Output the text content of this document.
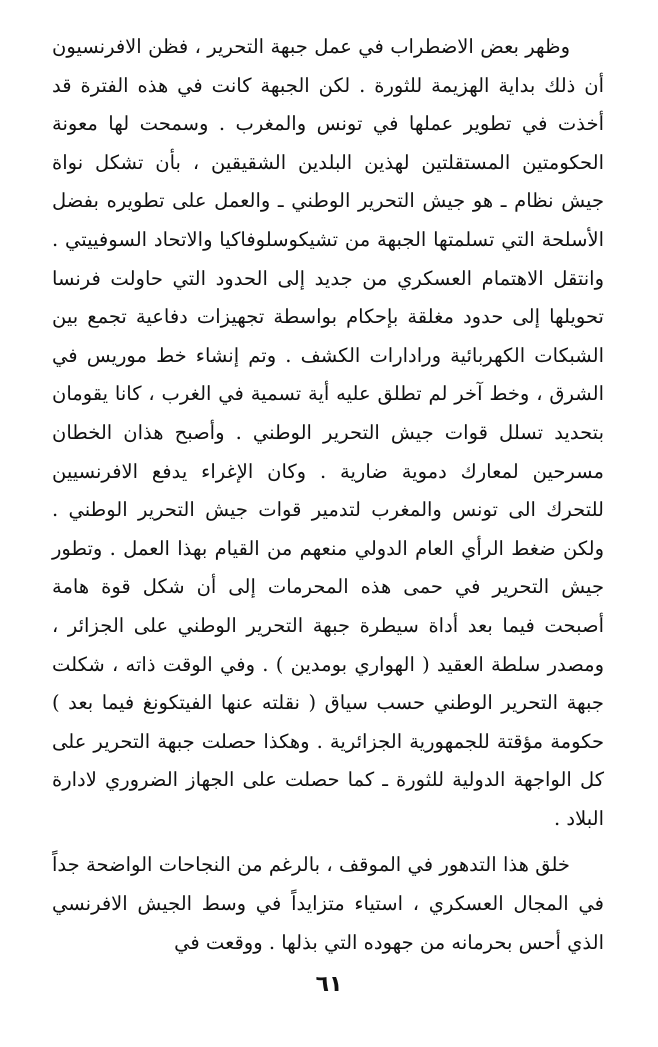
وظهر بعض الاضطراب في عمل جبهة التحرير ، فظن الافرنسيون أن ذلك بداية الهزيمة للثورة . لكن الجبهة كانت في هذه الفترة قد أخذت في تطوير عملها في تونس والمغرب . وسمحت لها معونة الحكومتين المستقلتين لهذين البلدين الشقيقين ، بأن تشكل نواة جيش نظام ـ هو جيش التحرير الوطني ـ والعمل على تطويره بفضل الأسلحة التي تسلمتها الجبهة من تشيكوسلوفاكيا والاتحاد السوفييتي . وانتقل الاهتمام العسكري من جديد إلى الحدود التي حاولت فرنسا تحويلها إلى حدود مغلقة بإحكام بواسطة تجهيزات دفاعية تجمع بين الشبكات الكهربائية ورادارات الكشف . وتم إنشاء خط موريس في الشرق ، وخط آخر لم تطلق عليه أية تسمية في الغرب ، كانا يقومان بتحديد تسلل قوات جيش التحرير الوطني . وأصبح هذان الخطان مسرحين لمعارك دموية ضارية . وكان الإغراء يدفع الافرنسيين للتحرك الى تونس والمغرب لتدمير قوات جيش التحرير الوطني . ولكن ضغط الرأي العام الدولي منعهم من القيام بهذا العمل . وتطور جيش التحرير في حمى هذه المحرمات إلى أن شكل قوة هامة أصبحت فيما بعد أداة سيطرة جبهة التحرير الوطني على الجزائر ، ومصدر سلطة العقيد ( الهواري بومدين ) . وفي الوقت ذاته ، شكلت جبهة التحرير الوطني حسب سياق ( نقلته عنها الفيتكونغ فيما بعد ) حكومة مؤقتة للجمهورية الجزائرية . وهكذا حصلت جبهة التحرير على كل الواجهة الدولية للثورة ـ كما حصلت على الجهاز الضروري لادارة البلاد .

خلق هذا التدهور في الموقف ، بالرغم من النجاحات الواضحة جداً في المجال العسكري ، استياء متزايداً في وسط الجيش الافرنسي الذي أحس بحرمانه من جهوده التي بذلها . ووقعت في

٦١
